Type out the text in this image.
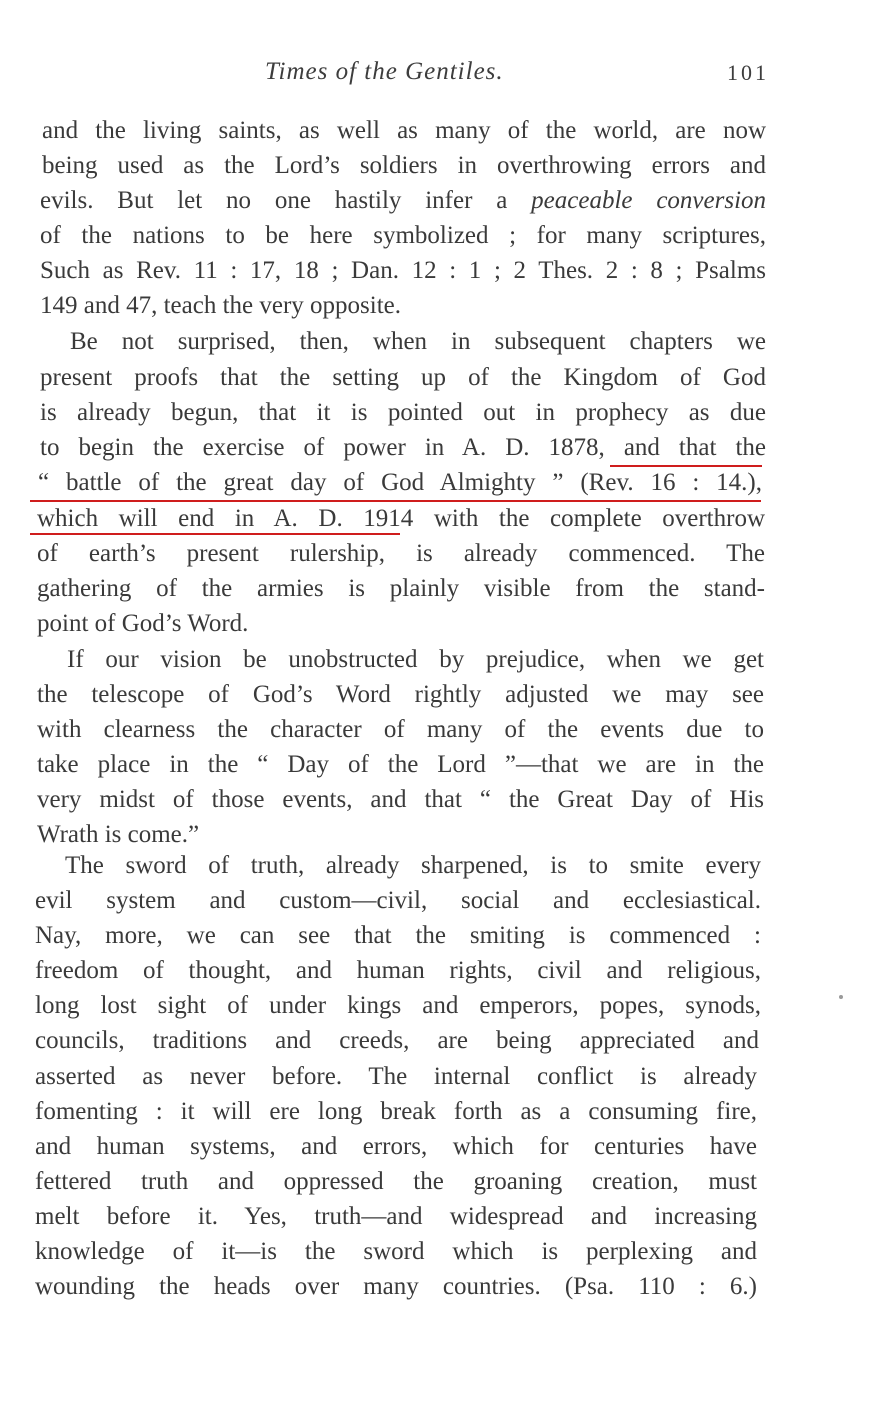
Times of the Gentiles.	101
and the living saints, as well as many of the world, are now
being used as the Lord’s soldiers in overthrowing errors and
evils. But let no one hastily infer a peaceable conversion
of the nations to be here symbolized ; for many scriptures,
Such as Rev. 11 : 17, 18 ; Dan. 12 : 1 ; 2 Thes. 2 : 8 ; Psalms
149 and 47, teach the very opposite.
Be not surprised, then, when in subsequent chapters we
present proofs that the setting up of the Kingdom of God
is already begun, that it is pointed out in prophecy as due
to begin the exercise of power in A. D. 1878, and that the
“ battle of the great day of God Almighty ” (Rev. 16 : 14.),
which will end in A. D. 1914 with the complete overthrow
of earth’s present rulership, is already commenced. The
gathering of the armies is plainly visible from the stand-
point of God’s Word.
If our vision be unobstructed by prejudice, when we get
the telescope of God’s Word rightly adjusted we may see
with clearness the character of many of the events due to
take place in the “ Day of the Lord ”—that we are in the
very midst of those events, and that “ the Great Day of His
Wrath is come.”
The sword of truth, already sharpened, is to smite every
evil system and custom—civil, social and ecclesiastical.
Nay, more, we can see that the smiting is commenced :
freedom of thought, and human rights, civil and religious,
long lost sight of under kings and emperors, popes, synods,
councils, traditions and creeds, are being appreciated and
asserted as never before. The internal conflict is already
fomenting : it will ere long break forth as a consuming fire,
and human systems, and errors, which for centuries have
fettered truth and oppressed the groaning creation, must
melt before it. Yes, truth—and widespread and increasing
knowledge of it—is the sword which is perplexing and
wounding the heads over many countries. (Psa. 110 : 6.)
